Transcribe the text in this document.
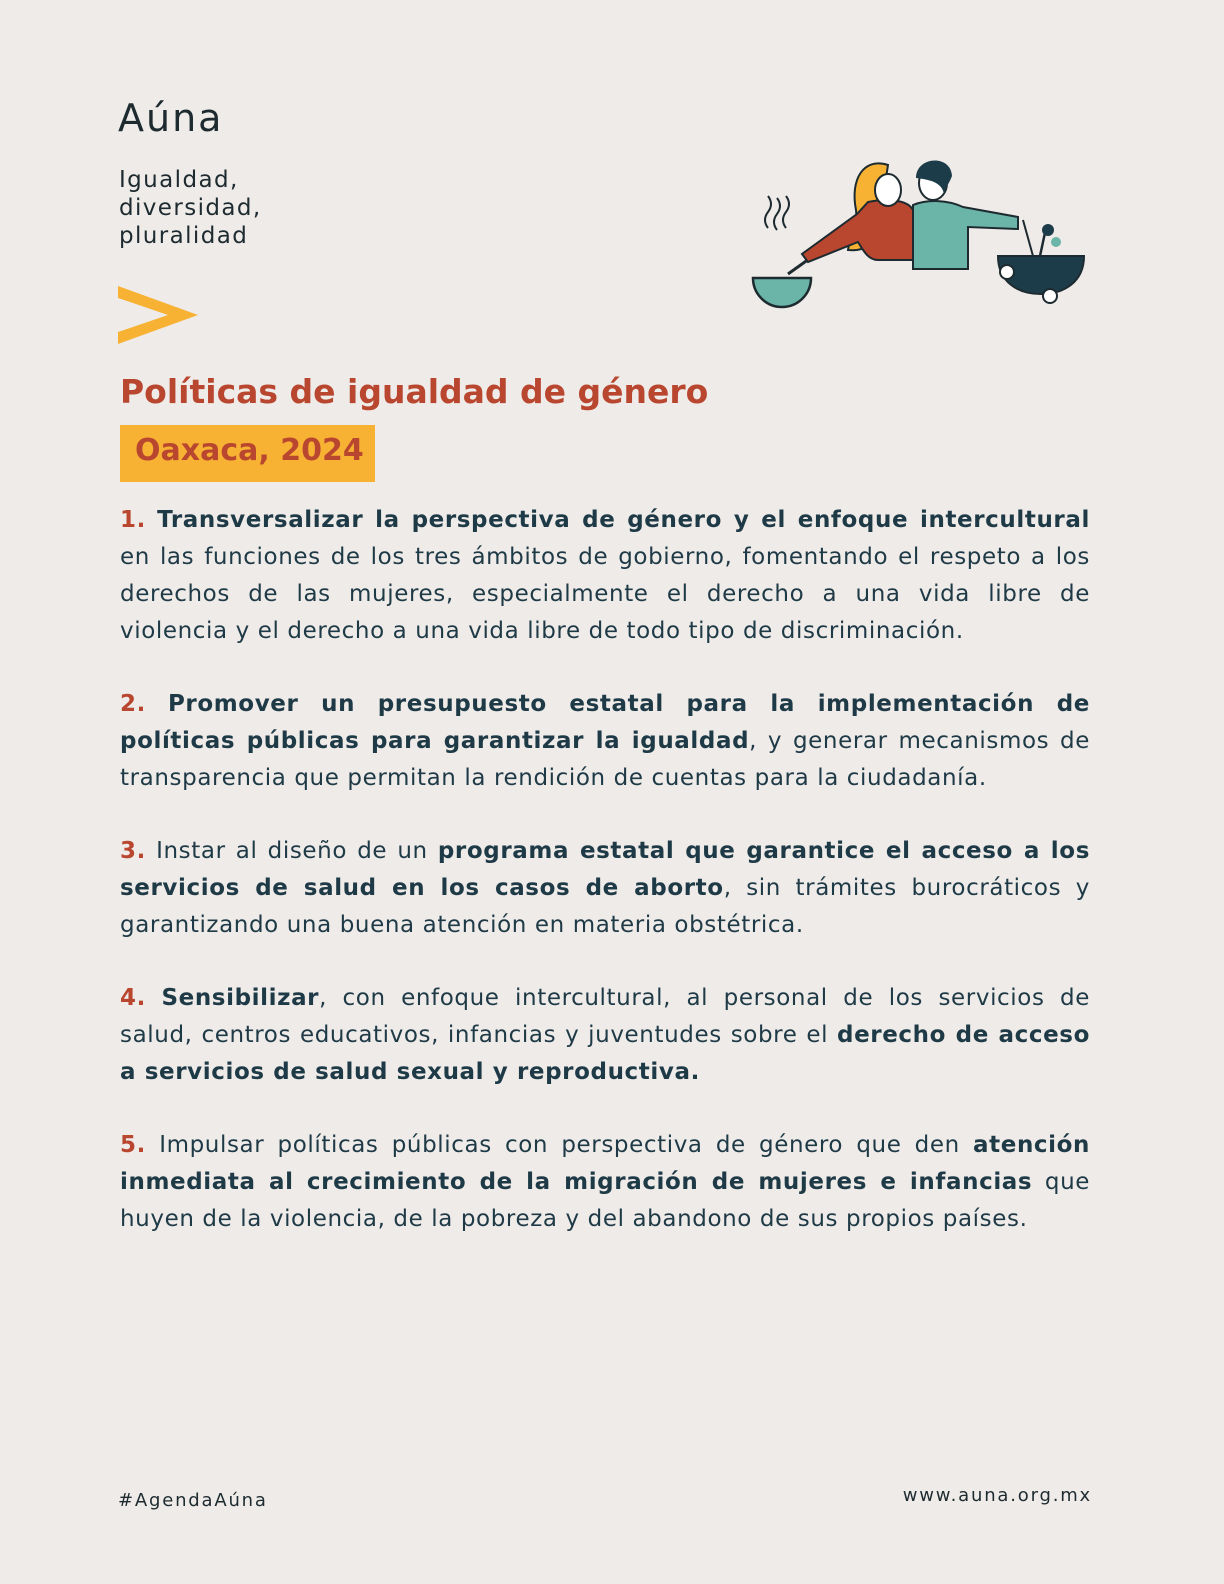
Aúna
Igualdad,
diversidad,
pluralidad
Políticas de igualdad de género
Oaxaca, 2024
1. Transversalizar la perspectiva de género y el enfoque intercultural en las funciones de los tres ámbitos de gobierno, fomentando el respeto a los derechos de las mujeres, especialmente el derecho a una vida libre de violencia y el derecho a una vida libre de todo tipo de discriminación.
2. Promover un presupuesto estatal para la implementación de políticas públicas para garantizar la igualdad, y generar mecanismos de transparencia que permitan la rendición de cuentas para la ciudadanía.
3. Instar al diseño de un programa estatal que garantice el acceso a los servicios de salud en los casos de aborto, sin trámites burocráticos y garantizando una buena atención en materia obstétrica.
4. Sensibilizar, con enfoque intercultural, al personal de los servicios de salud, centros educativos, infancias y juventudes sobre el derecho de acceso a servicios de salud sexual y reproductiva.
5. Impulsar políticas públicas con perspectiva de género que den atención inmediata al crecimiento de la migración de mujeres e infancias que huyen de la violencia, de la pobreza y del abandono de sus propios países.
#AgendaAúna	www.auna.org.mx
